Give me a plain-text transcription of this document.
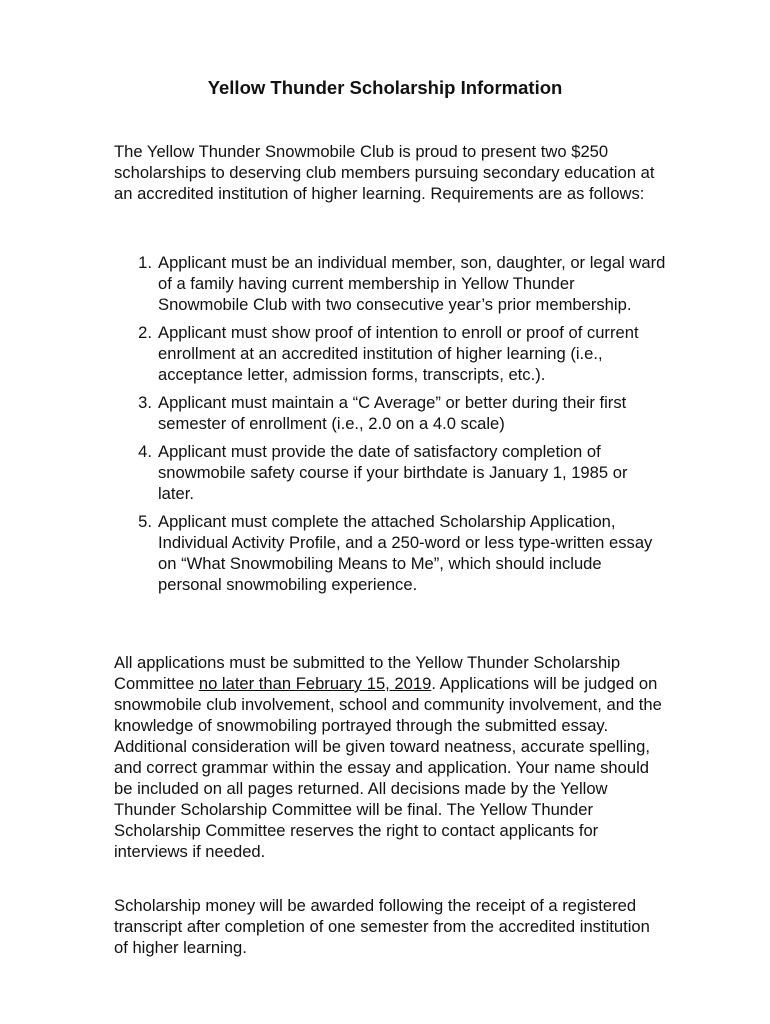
Yellow Thunder Scholarship Information

The Yellow Thunder Snowmobile Club is proud to present two $250 scholarships to deserving club members pursuing secondary education at an accredited institution of higher learning. Requirements are as follows:

1. Applicant must be an individual member, son, daughter, or legal ward of a family having current membership in Yellow Thunder Snowmobile Club with two consecutive year’s prior membership.
2. Applicant must show proof of intention to enroll or proof of current enrollment at an accredited institution of higher learning (i.e., acceptance letter, admission forms, transcripts, etc.).
3. Applicant must maintain a “C Average” or better during their first semester of enrollment (i.e., 2.0 on a 4.0 scale)
4. Applicant must provide the date of satisfactory completion of snowmobile safety course if your birthdate is January 1, 1985 or later.
5. Applicant must complete the attached Scholarship Application, Individual Activity Profile, and a 250-word or less type-written essay on “What Snowmobiling Means to Me”, which should include personal snowmobiling experience.

All applications must be submitted to the Yellow Thunder Scholarship Committee no later than February 15, 2019. Applications will be judged on snowmobile club involvement, school and community involvement, and the knowledge of snowmobiling portrayed through the submitted essay. Additional consideration will be given toward neatness, accurate spelling, and correct grammar within the essay and application. Your name should be included on all pages returned. All decisions made by the Yellow Thunder Scholarship Committee will be final. The Yellow Thunder Scholarship Committee reserves the right to contact applicants for interviews if needed.

Scholarship money will be awarded following the receipt of a registered transcript after completion of one semester from the accredited institution of higher learning.
